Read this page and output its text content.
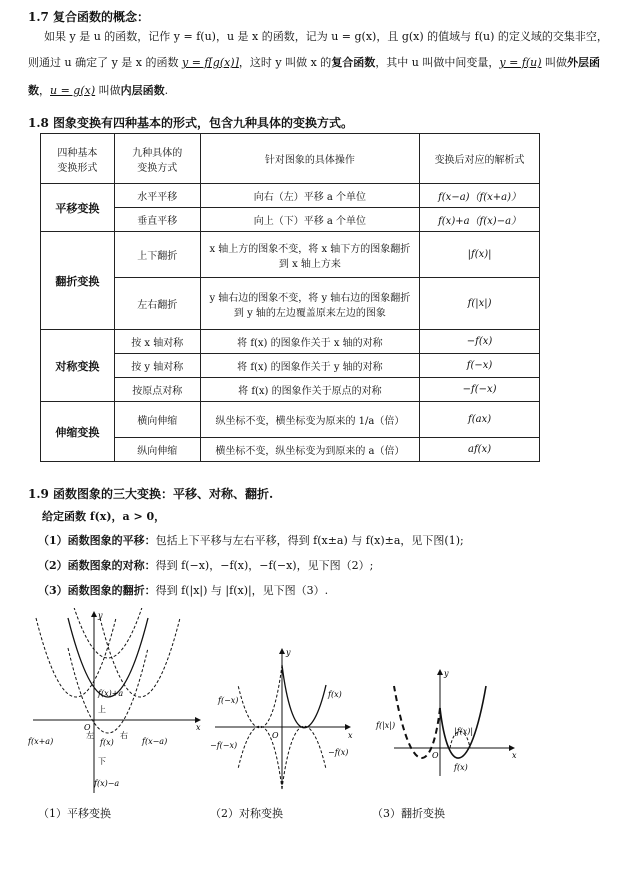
1.7 复合函数的概念：
如果 y 是 u 的函数，记作 y = f(u)，u 是 x 的函数，记为 u = g(x)，且 g(x) 的值域与 f(u) 的定义域的交集非空，
则通过 u 确定了 y 是 x 的函数 y = f[g(x)]，这时 y 叫做 x 的复合函数，其中 u 叫做中间变量，y = f(u) 叫做外层函
数，u = g(x) 叫做内层函数.
1.8 图象变换有四种基本的形式，包含九种具体的变换方式。
四种基本
变换形式	九种具体的
变换方式	针对图象的具体操作	变换后对应的解析式
平移变换	水平平移	向右（左）平移 a 个单位	f(x−a)（f(x+a)）
	垂直平移	向上（下）平移 a 个单位	f(x)+a（f(x)−a）
翻折变换	上下翻折	x 轴上方的图象不变，将 x 轴下方的图象翻折到 x 轴上方来	|f(x)|
	左右翻折	y 轴右边的图象不变，将 y 轴右边的图象翻折到 y 轴的左边覆盖原来左边的图象	f(|x|)
对称变换	按 x 轴对称	将 f(x) 的图象作关于 x 轴的对称	−f(x)
	按 y 轴对称	将 f(x) 的图象作关于 y 轴的对称	f(−x)
	按原点对称	将 f(x) 的图象作关于原点的对称	−f(−x)
伸缩变换	横向伸缩	纵坐标不变，横坐标变为原来的 1/a（倍）	f(ax)
	纵向伸缩	横坐标不变，纵坐标变为到原来的 a（倍）	af(x)
1.9 函数图象的三大变换：平移、对称、翻折.
给定函数 f(x)，a > 0，
（1）函数图象的平移：包括上下平移与左右平移，得到 f(x±a) 与 f(x)±a，见下图(1);
（2）函数图象的对称：得到 f(−x)，−f(x)，−f(−x)，见下图（2）;
（3）函数图象的翻折：得到 f(|x|) 与 |f(x)|，见下图（3）.
x
y
O
f(x)+a
f(x+a)	f(x)	f(x−a)
f(x)−a
左	右
上
下
x
y
O
f(−x)
f(x)
−f(−x)
−f(x)	x
y
O
f(|x|)
|f(x)|
f(x)
（1）平移变换	（2）对称变换	（3）翻折变换
